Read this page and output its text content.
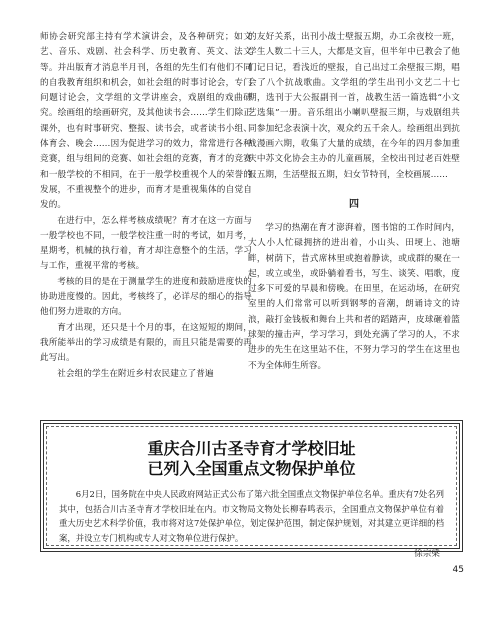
师协会研究部主持有学术演讲会，及各种研究；如文艺、音乐、戏剧、社会科学、历史教育、英文、法文等。并出版育才消息半月刊，各组的先生们有他们不同的自我教育组织和机会，如社会组的时事讨论会，专门问题讨论会，文学组的文学讲座会，戏剧组的戏曲研究。绘画组的绘画研究，及其他读书会……学生们除正课外，也有时事研究、整报、读书会，或者读书小组、体育会、晚会……因为促进学习的效力，常常进行各种竞赛，组与组间的竞赛、如社会组的竞赛，育才的竞赛和一般学校的不相同，在于一般学校重视个人的荣誉的发展，不重视整个的进步，而育才是重视集体的自觉自发的。

在进行中，怎么样考核成绩呢？育才在这一方面与一般学校也不同，一般学校注重一时的考试，如月考，星期考，机械的执行着，育才却注意整个的生活，学习与工作，重视平常的考核。

考核的目的是在于测量学生的进度和鼓励进度快的协助进度慢的。因此，考核终了，必详尽的细心的指导他们努力进取的方向。

育才出现，还只是十个月的事，在这短短的期间，我所能举出的学习成绩是有限的，而且只能是需要的再此写出。

社会组的学生在附近乡村农民建立了普遍

的友好关系，出刊小战士壁报五期，办工余夜校一班，学生人数二十三人，大都是文盲，但半年中已教会了他们记日记，看浅近的壁报，自己出过工余壁报三期，唱会了八个抗战歌曲。文学组的学生出刊小文艺二十七期，选刊于大公报副刊一首，战教生活一篇选辑“小文艺选集”一册。音乐组出小喇叭壁报三期，与戏剧组共同参加纪念表演十次，观众约五千余人。绘画组出到抗战漫画六期，收集了大量的成绩，在今年的四月参加重庆中苏文化协会主办的儿童画展，全校出刊过老百姓壁报五期，生活壁报五期，妇女节特刊，全校画展……

四

学习的热潮在育才澎湃着，图书馆的工作时间内，大人小人忙碌拥挤的进出着，小山头、田埂上、池塘畔，树荫下，昔式席林里或抱着静读，或成群的聚在一起，或立或坐，或卧躺着看书，写生、谈笑、唱歌，度过多下可爱的早晨和傍晚。在田里，在运动场，在研究室里的人们常常可以听到钢琴的音潮，朗诵诗文的诗浪，敲打金钱板和舞台上共和者的蹈踏声，皮球砸着篮球架的撞击声，学习学习，到处充满了学习的人，不求进步的先生在这里站不住，不努力学习的学生在这里也不为全体师生所容。

重庆合川古圣寺育才学校旧址
已列入全国重点文物保护单位

6月2日，国务院在中央人民政府网站正式公布了第六批全国重点文物保护单位名单。重庆有7处名列其中，包括合川古圣寺育才学校旧址在内。市文物局文物处长柳春鸣表示，全国重点文物保护单位有着重大历史艺术科学价值，我市将对这7处保护单位，划定保护范围，制定保护规划，对其建立更详细的档案，并设立专门机构或专人对文物单位进行保护。

徐宗梁
45
